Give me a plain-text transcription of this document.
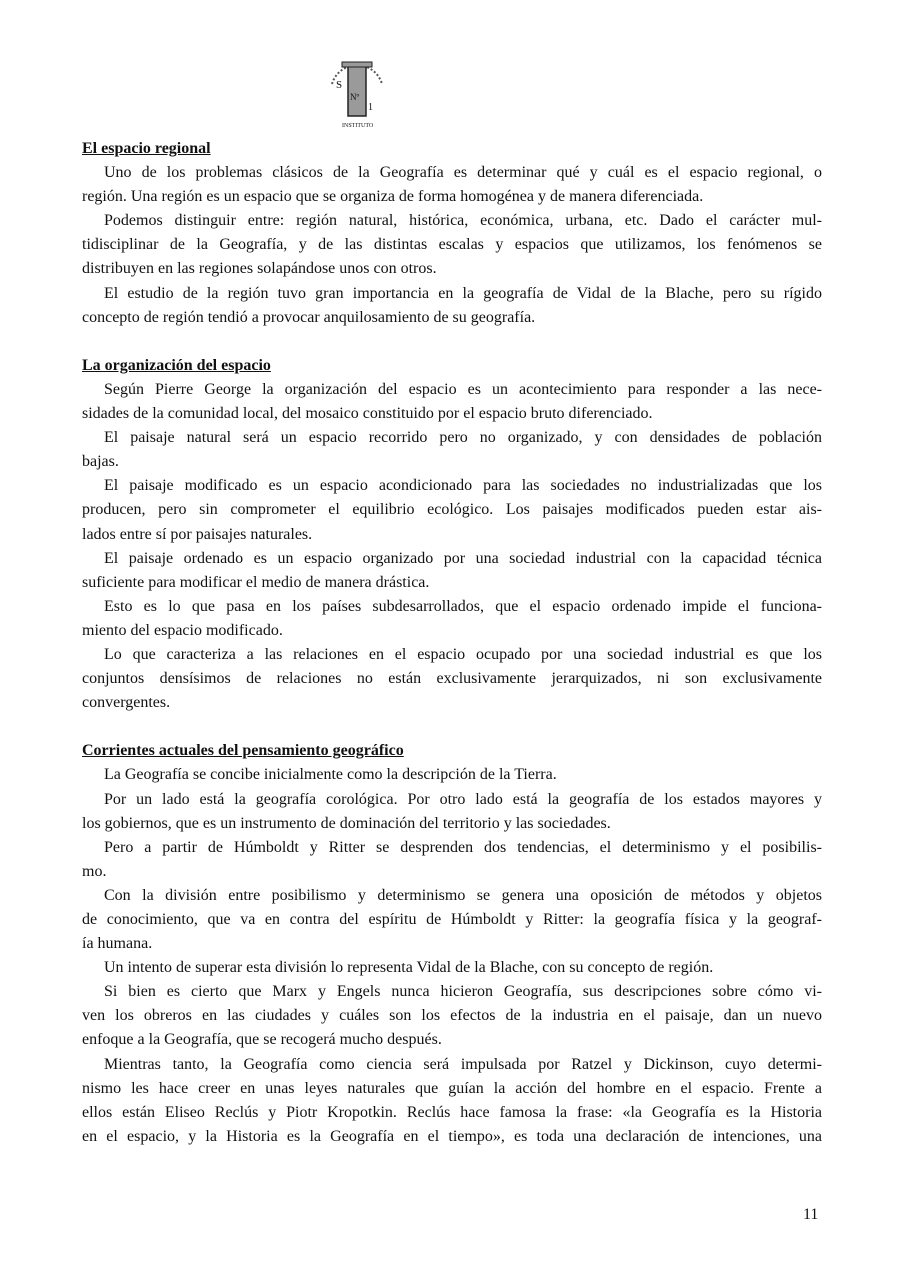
S
Nº
1
INSTITUTO
El espacio regional
Uno de los problemas clásicos de la Geografía es determinar qué y cuál es el espacio regional, o
región. Una región es un espacio que se organiza de forma homogénea y de manera diferenciada.
Podemos distinguir entre: región natural, histórica, económica, urbana, etc. Dado el carácter mul-
tidisciplinar de la Geografía, y de las distintas escalas y espacios que utilizamos, los fenómenos se
distribuyen en las regiones solapándose unos con otros.
El estudio de la región tuvo gran importancia en la geografía de Vidal de la Blache, pero su rígido
concepto de región tendió a provocar anquilosamiento de su geografía.
La organización del espacio
Según Pierre George la organización del espacio es un acontecimiento para responder a las nece-
sidades de la comunidad local, del mosaico constituido por el espacio bruto diferenciado.
El paisaje natural será un espacio recorrido pero no organizado, y con densidades de población
bajas.
El paisaje modificado es un espacio acondicionado para las sociedades no industrializadas que los
producen, pero sin comprometer el equilibrio ecológico. Los paisajes modificados pueden estar ais-
lados entre sí por paisajes naturales.
El paisaje ordenado es un espacio organizado por una sociedad industrial con la capacidad técnica
suficiente para modificar el medio de manera drástica.
Esto es lo que pasa en los países subdesarrollados, que el espacio ordenado impide el funciona-
miento del espacio modificado.
Lo que caracteriza a las relaciones en el espacio ocupado por una sociedad industrial es que los
conjuntos densísimos de relaciones no están exclusivamente jerarquizados, ni son exclusivamente
convergentes.
Corrientes actuales del pensamiento geográfico
La Geografía se concibe inicialmente como la descripción de la Tierra.
Por un lado está la geografía corológica. Por otro lado está la geografía de los estados mayores y
los gobiernos, que es un instrumento de dominación del territorio y las sociedades.
Pero a partir de Húmboldt y Ritter se desprenden dos tendencias, el determinismo y el posibilis-
mo.
Con la división entre posibilismo y determinismo se genera una oposición de métodos y objetos
de conocimiento, que va en contra del espíritu de Húmboldt y Ritter: la geografía física y la geograf-
ía humana.
Un intento de superar esta división lo representa Vidal de la Blache, con su concepto de región.
Si bien es cierto que Marx y Engels nunca hicieron Geografía, sus descripciones sobre cómo vi-
ven los obreros en las ciudades y cuáles son los efectos de la industria en el paisaje, dan un nuevo
enfoque a la Geografía, que se recogerá mucho después.
Mientras tanto, la Geografía como ciencia será impulsada por Ratzel y Dickinson, cuyo determi-
nismo les hace creer en unas leyes naturales que guían la acción del hombre en el espacio. Frente a
ellos están Eliseo Reclús y Piotr Kropotkin. Reclús hace famosa la frase: «la Geografía es la Historia
en el espacio, y la Historia es la Geografía en el tiempo», es toda una declaración de intenciones, una
11
